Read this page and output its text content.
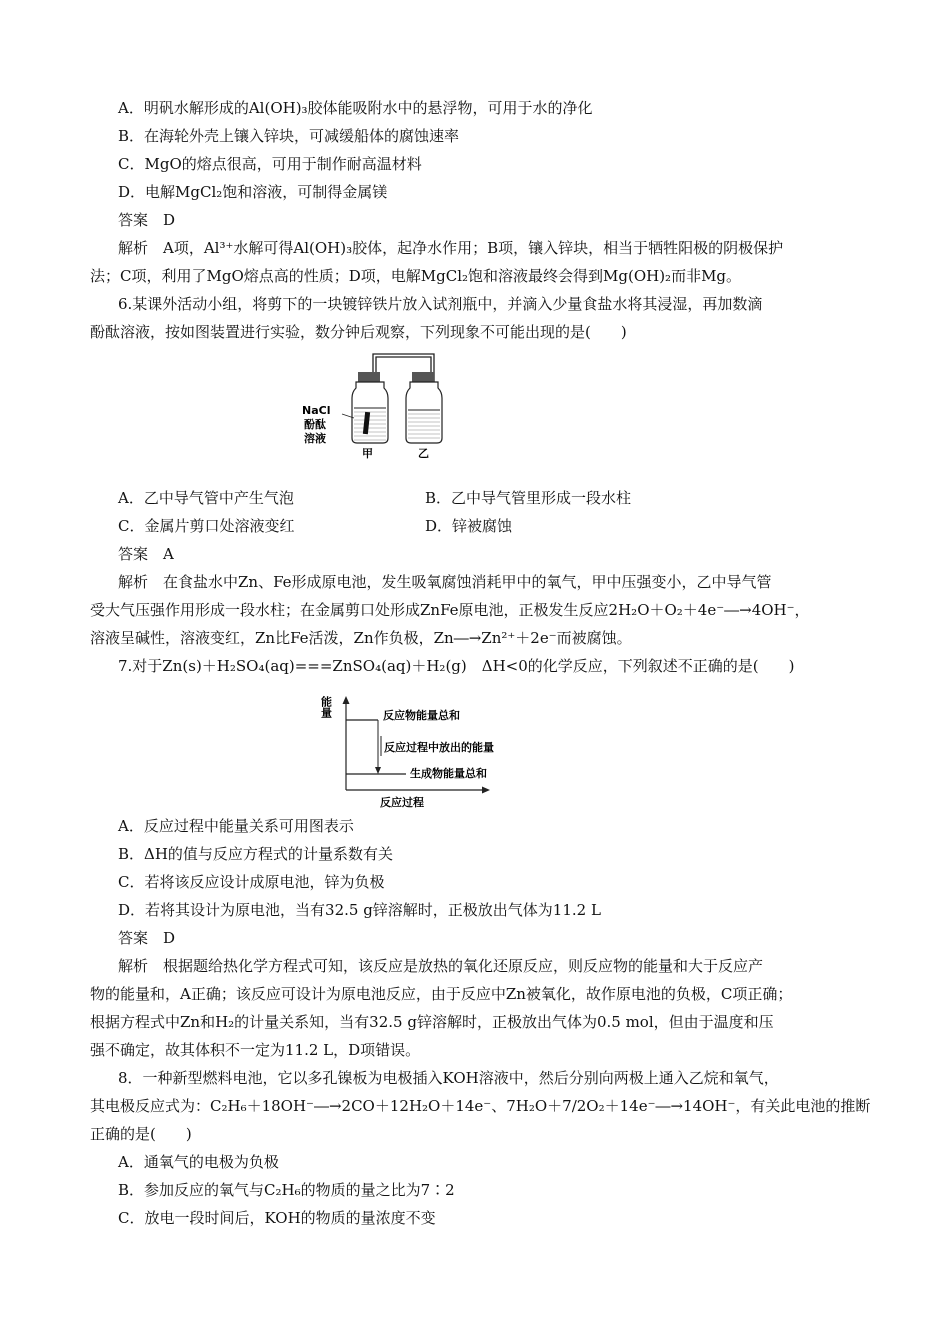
A．明矾水解形成的Al(OH)₃胶体能吸附水中的悬浮物，可用于水的净化
B．在海轮外壳上镶入锌块，可减缓船体的腐蚀速率
C．MgO的熔点很高，可用于制作耐高温材料
D．电解MgCl₂饱和溶液，可制得金属镁
答案　D
解析　A项，Al³⁺水解可得Al(OH)₃胶体，起净水作用；B项，镶入锌块，相当于牺牲阳极的阴极保护
法；C项，利用了MgO熔点高的性质；D项，电解MgCl₂饱和溶液最终会得到Mg(OH)₂而非Mg。
6.某课外活动小组，将剪下的一块镀锌铁片放入试剂瓶中，并滴入少量食盐水将其浸湿，再加数滴
酚酞溶液，按如图装置进行实验，数分钟后观察，下列现象不可能出现的是(　　)
NaCl
酚酞
溶液
甲	乙
A．乙中导气管中产生气泡	B．乙中导气管里形成一段水柱
C．金属片剪口处溶液变红	D．锌被腐蚀
答案　A
解析　在食盐水中Zn、Fe形成原电池，发生吸氧腐蚀消耗甲中的氧气，甲中压强变小，乙中导气管
受大气压强作用形成一段水柱；在金属剪口处形成ZnFe原电池，正极发生反应2H₂O＋O₂＋4e⁻―→4OH⁻，
溶液呈碱性，溶液变红，Zn比Fe活泼，Zn作负极，Zn―→Zn²⁺＋2e⁻而被腐蚀。
7.对于Zn(s)＋H₂SO₄(aq)===ZnSO₄(aq)＋H₂(g)　ΔH<0的化学反应，下列叙述不正确的是(　　)
能量	反应物能量总和
反应过程中放出的能量
生成物能量总和
反应过程
A．反应过程中能量关系可用图表示
B．ΔH的值与反应方程式的计量系数有关
C．若将该反应设计成原电池，锌为负极
D．若将其设计为原电池，当有32.5 g锌溶解时，正极放出气体为11.2 L
答案　D
解析　根据题给热化学方程式可知，该反应是放热的氧化还原反应，则反应物的能量和大于反应产
物的能量和，A正确；该反应可设计为原电池反应，由于反应中Zn被氧化，故作原电池的负极，C项正确；
根据方程式中Zn和H₂的计量关系知，当有32.5 g锌溶解时，正极放出气体为0.5 mol，但由于温度和压
强不确定，故其体积不一定为11.2 L，D项错误。
8．一种新型燃料电池，它以多孔镍板为电极插入KOH溶液中，然后分别向两极上通入乙烷和氧气，
其电极反应式为：C₂H₆＋18OH⁻―→2CO＋12H₂O＋14e⁻、7H₂O＋7/2O₂＋14e⁻―→14OH⁻，有关此电池的推断
正确的是(　　)
A．通氧气的电极为负极
B．参加反应的氧气与C₂H₆的物质的量之比为7∶2
C．放电一段时间后，KOH的物质的量浓度不变
